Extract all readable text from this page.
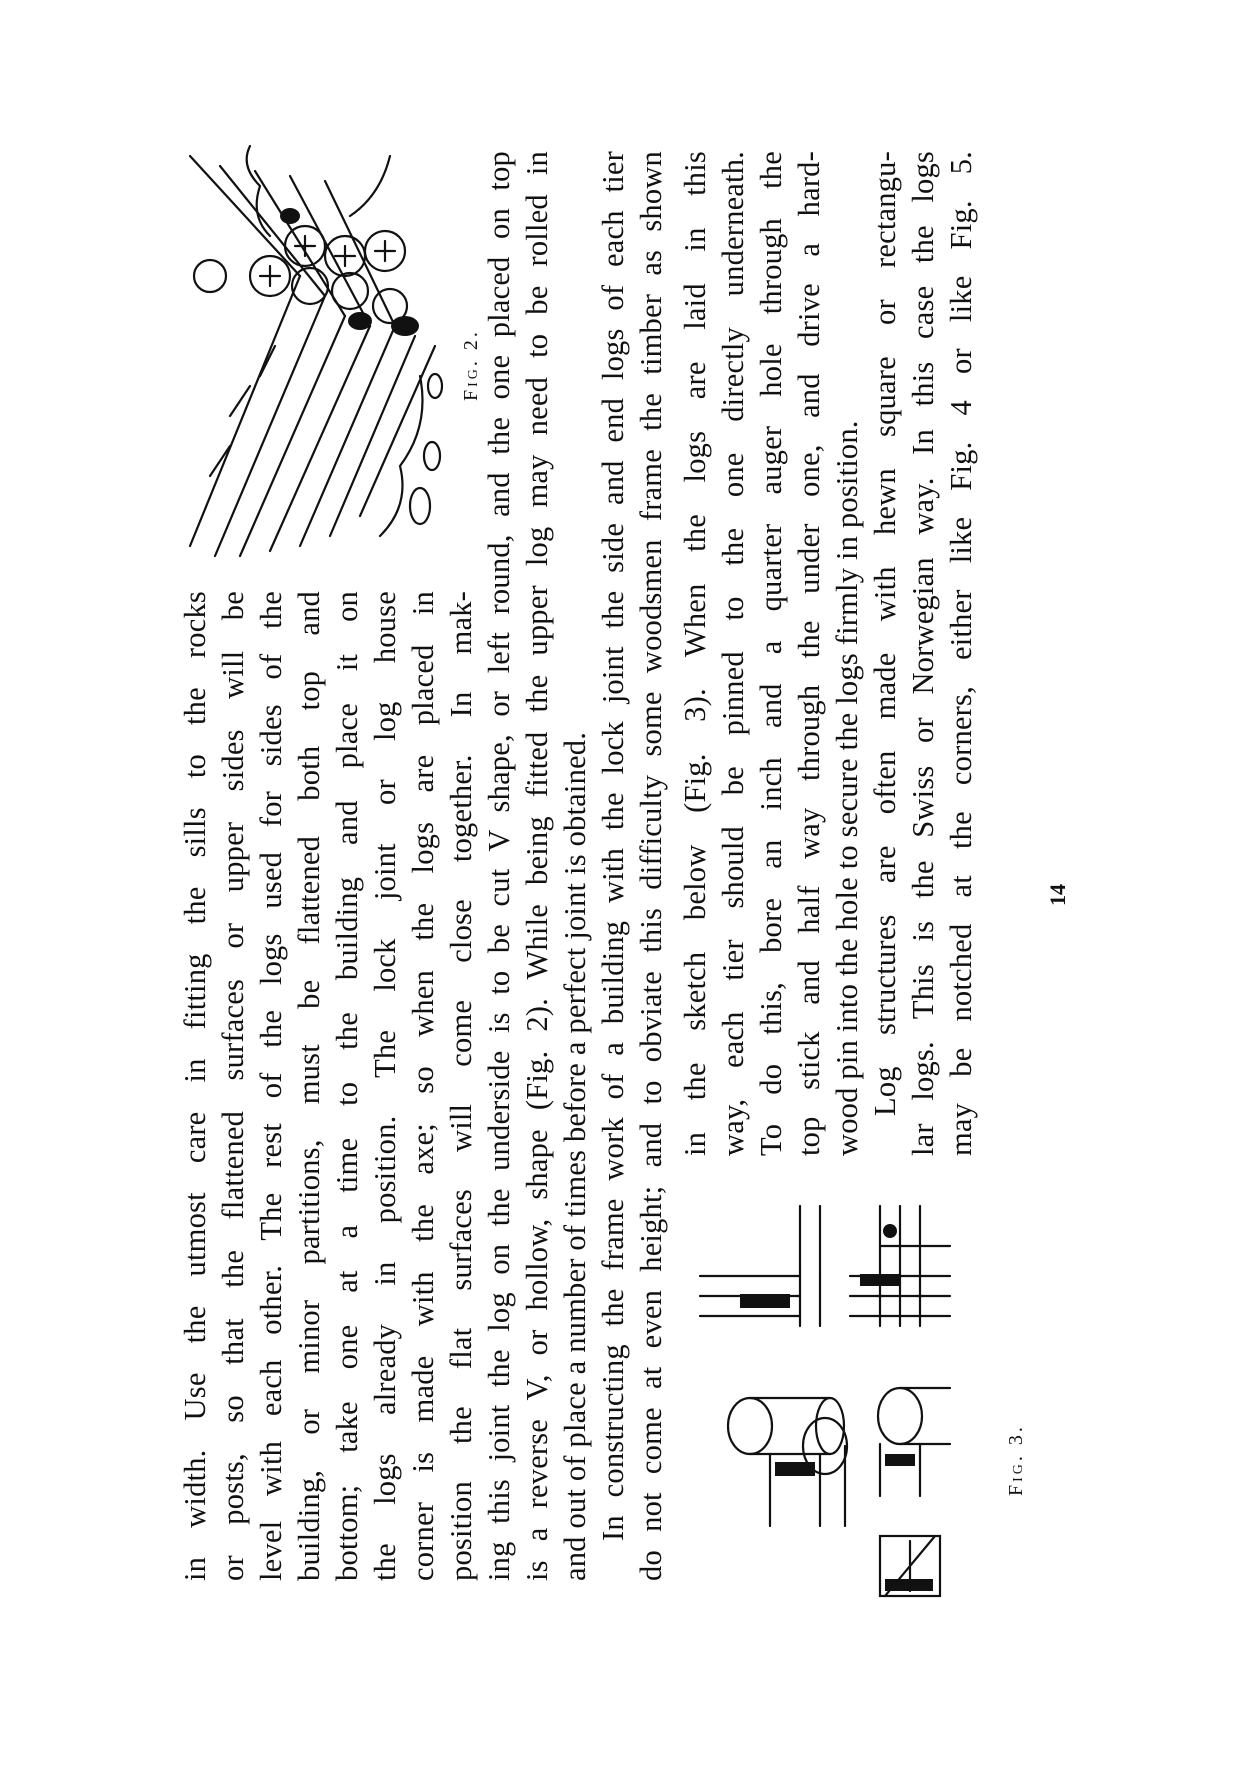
in width. Use the utmost care in fitting the sills to the rocks or posts, so that the flattened surfaces or upper sides will be level with each other. The rest of the logs used for sides of the building, or minor partitions, must be flattened both top and bottom; take one at a time to the building and place it on the logs already in position. The lock joint or log house corner is made with the axe; so when the logs are placed in position the flat surfaces will come close together. In mak- ing this joint the log on the underside is to be cut V shape, or left round, and the one placed on top is a reverse V, or hollow, shape (Fig. 2). While being fitted the upper log may need to be rolled in and out of place a number of times before a perfect joint is obtained. In constructing the frame work of a building with the lock joint the side and end logs of each tier do not come at even height; and to obviate this difficulty some woodsmen frame the timber as shown in the sketch below (Fig. 3). When the logs are laid in this way, each tier should be pinned to the one directly underneath. To do this, bore an inch and a quarter auger hole through the top stick and half way through the under one, and drive a hard- wood pin into the hole to secure the logs firmly in position. Log structures are often made with hewn square or rectangu- lar logs. This is the Swiss or Norwegian way. In this case the logs may be notched at the corners, either like Fig. 4 or like Fig. 5.
Fig. 2.
Fig. 3.
14
